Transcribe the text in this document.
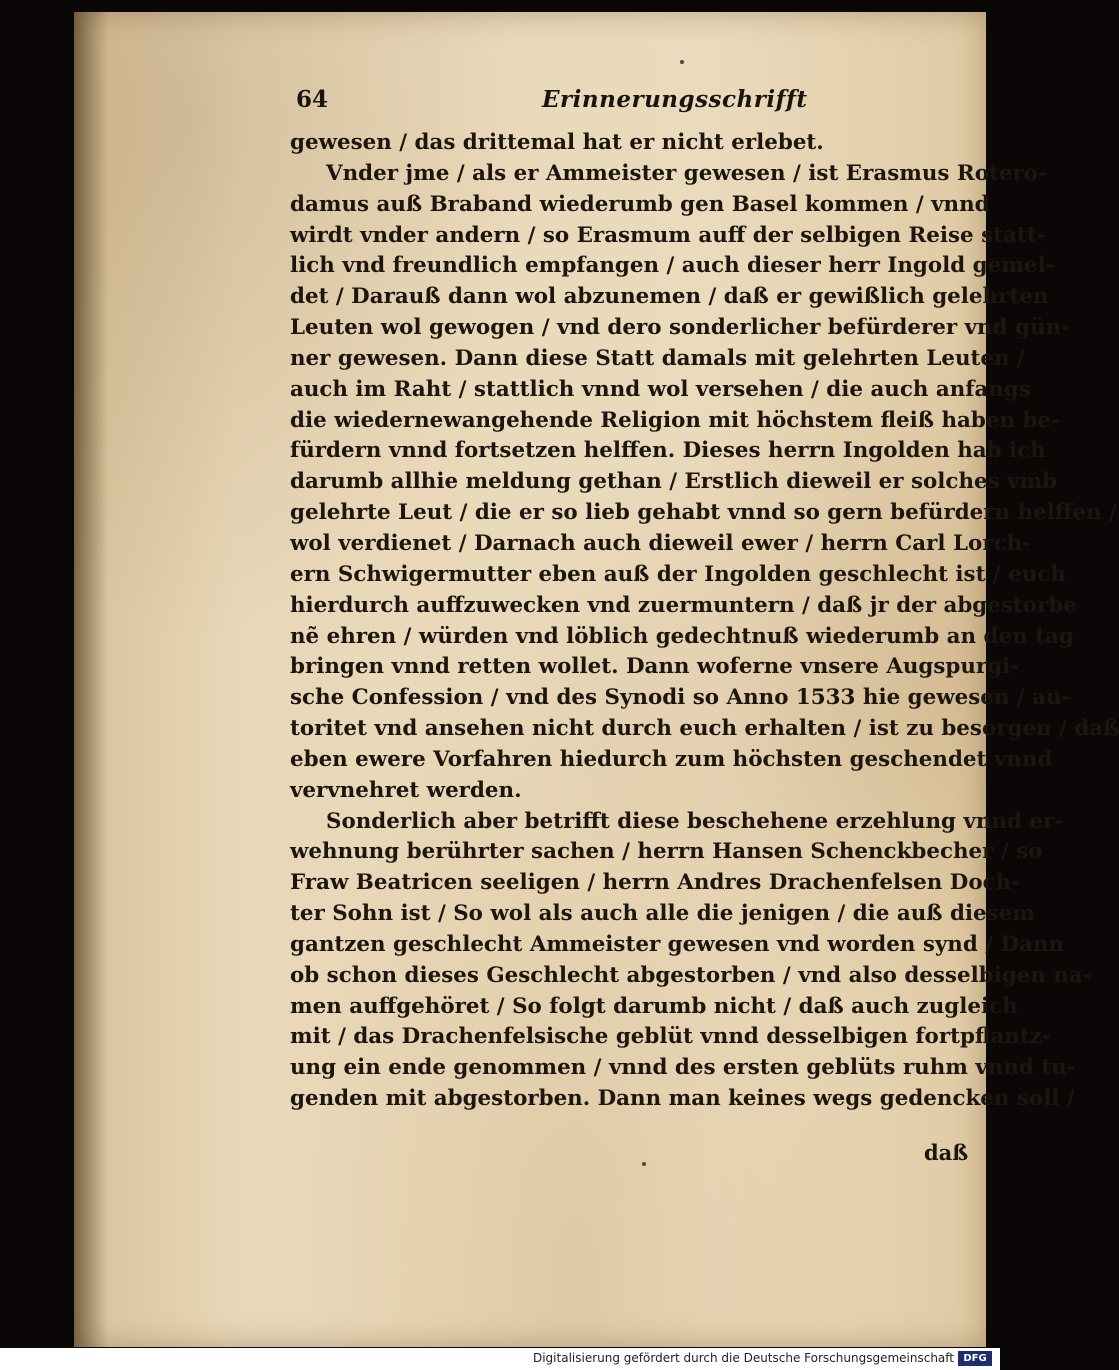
64	Erinnerungsschrifft
gewesen / das drittemal hat er nicht erlebet.
Vnder jme / als er Ammeister gewesen / ist Erasmus Rotero-
damus auß Braband wiederumb gen Basel kommen / vnnd
wirdt vnder andern / so Erasmum auff der selbigen Reise statt-
lich vnd freundlich empfangen / auch dieser herr Ingold gemel-
det / Darauß dann wol abzunemen / daß er gewißlich gelehrten
Leuten wol gewogen / vnd dero sonderlicher befürderer vnd gün-
ner gewesen. Dann diese Statt damals mit gelehrten Leuten /
auch im Raht / stattlich vnnd wol versehen / die auch anfangs
die wiedernewangehende Religion mit höchstem fleiß haben be-
fürdern vnnd fortsetzen helffen. Dieses herrn Ingolden hab ich
darumb allhie meldung gethan / Erstlich dieweil er solches vmb
gelehrte Leut / die er so lieb gehabt vnnd so gern befürdern helffen /
wol verdienet / Darnach auch dieweil ewer / herrn Carl Lorch-
ern Schwigermutter eben auß der Ingolden geschlecht ist / euch
hierdurch auffzuwecken vnd zuermuntern / daß jr der abgestorbe
nẽ ehren / würden vnd löblich gedechtnuß wiederumb an den tag
bringen vnnd retten wollet. Dann woferne vnsere Augspurgi-
sche Confession / vnd des Synodi so Anno 1533 hie gewesen / au-
toritet vnd ansehen nicht durch euch erhalten / ist zu besorgen / daß
eben ewere Vorfahren hiedurch zum höchsten geschendet vnnd
vervnehret werden.
Sonderlich aber betrifft diese beschehene erzehlung vnnd er-
wehnung berührter sachen / herrn Hansen Schenckbecher / so
Fraw Beatricen seeligen / herrn Andres Drachenfelsen Doch-
ter Sohn ist / So wol als auch alle die jenigen / die auß diesem
gantzen geschlecht Ammeister gewesen vnd worden synd / Dann
ob schon dieses Geschlecht abgestorben / vnd also desselbigen na-
men auffgehöret / So folgt darumb nicht / daß auch zugleich
mit / das Drachenfelsische geblüt vnnd desselbigen fortpflantz-
ung ein ende genommen / vnnd des ersten geblüts ruhm vnnd tu-
genden mit abgestorben. Dann man keines wegs gedencken soll /
daß
Digitalisierung gefördert durch die Deutsche Forschungsgemeinschaft DFG
